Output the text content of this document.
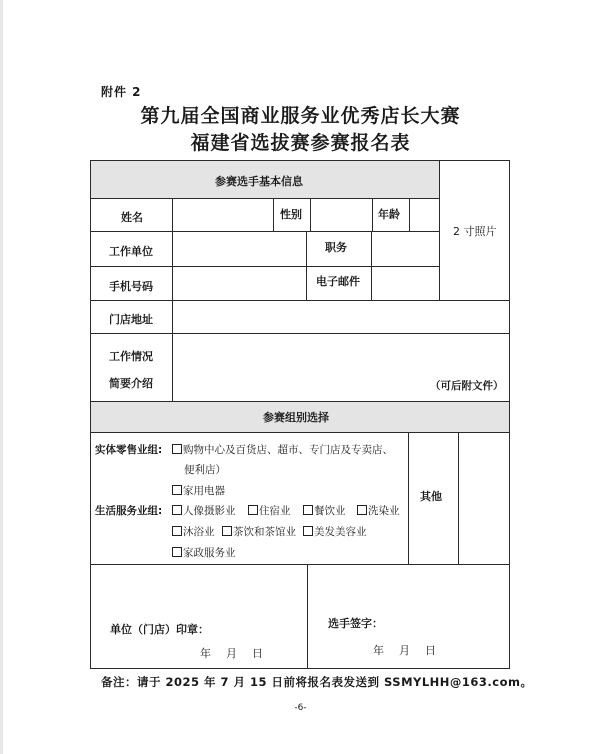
附件 2
第九届全国商业服务业优秀店长大赛
福建省选拔赛参赛报名表
参赛选手基本信息
2 寸照片
姓名	性别	年龄
工作单位	职务
手机号码	电子邮件
门店地址
工作情况
简要介绍	（可后附文件）
参赛组别选择
实体零售业组:	购物中心及百货店、超市、专门店及专卖店、
便利店）
家用电器
生活服务业组:	人像摄影业	住宿业	餐饮业	洗染业
沐浴业	茶饮和茶馆业	美发美容业
家政服务业
其他
单位（门店）印章：
年　月　日
选手签字：
年　月　日
备注：请于 2025 年 7 月 15 日前将报名表发送到 SSMYLHH@163.com。
-6-
